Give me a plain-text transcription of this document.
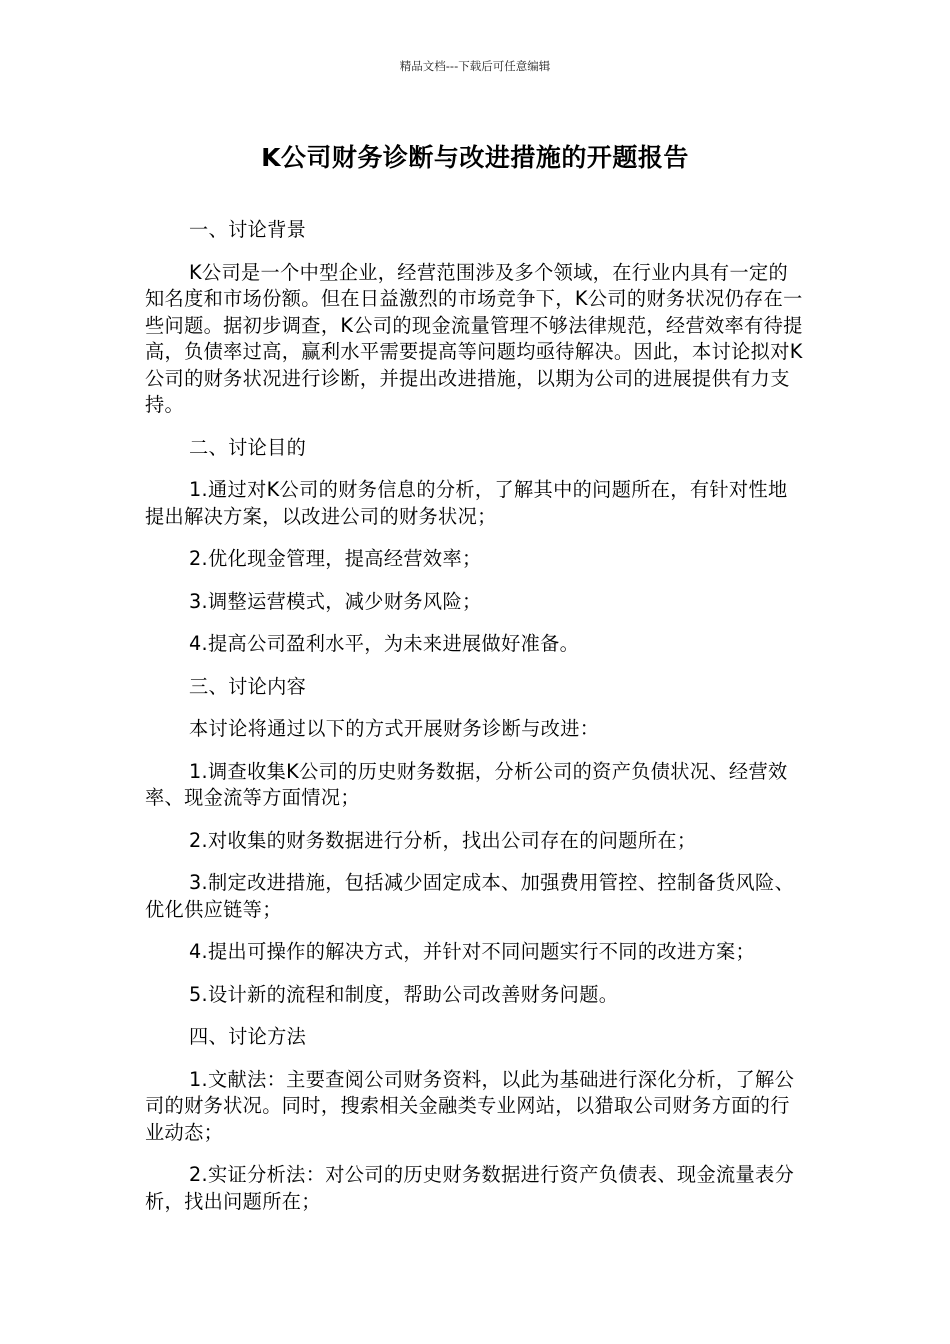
精品文档---下载后可任意编辑
K公司财务诊断与改进措施的开题报告

一、讨论背景

K公司是一个中型企业，经营范围涉及多个领域，在行业内具有一定的知名度和市场份额。但在日益激烈的市场竞争下，K公司的财务状况仍存在一些问题。据初步调查，K公司的现金流量管理不够法律规范，经营效率有待提高，负债率过高，赢利水平需要提高等问题均亟待解决。因此，本讨论拟对K公司的财务状况进行诊断，并提出改进措施，以期为公司的进展提供有力支持。

二、讨论目的

1.通过对K公司的财务信息的分析，了解其中的问题所在，有针对性地提出解决方案，以改进公司的财务状况；

2.优化现金管理，提高经营效率；

3.调整运营模式，减少财务风险；

4.提高公司盈利水平，为未来进展做好准备。

三、讨论内容

本讨论将通过以下的方式开展财务诊断与改进：

1.调查收集K公司的历史财务数据，分析公司的资产负债状况、经营效率、现金流等方面情况；

2.对收集的财务数据进行分析，找出公司存在的问题所在；

3.制定改进措施，包括减少固定成本、加强费用管控、控制备货风险、优化供应链等；

4.提出可操作的解决方式，并针对不同问题实行不同的改进方案；

5.设计新的流程和制度，帮助公司改善财务问题。

四、讨论方法

1.文献法：主要查阅公司财务资料，以此为基础进行深化分析，了解公司的财务状况。同时，搜索相关金融类专业网站，以猎取公司财务方面的行业动态；

2.实证分析法：对公司的历史财务数据进行资产负债表、现金流量表分析，找出问题所在；
